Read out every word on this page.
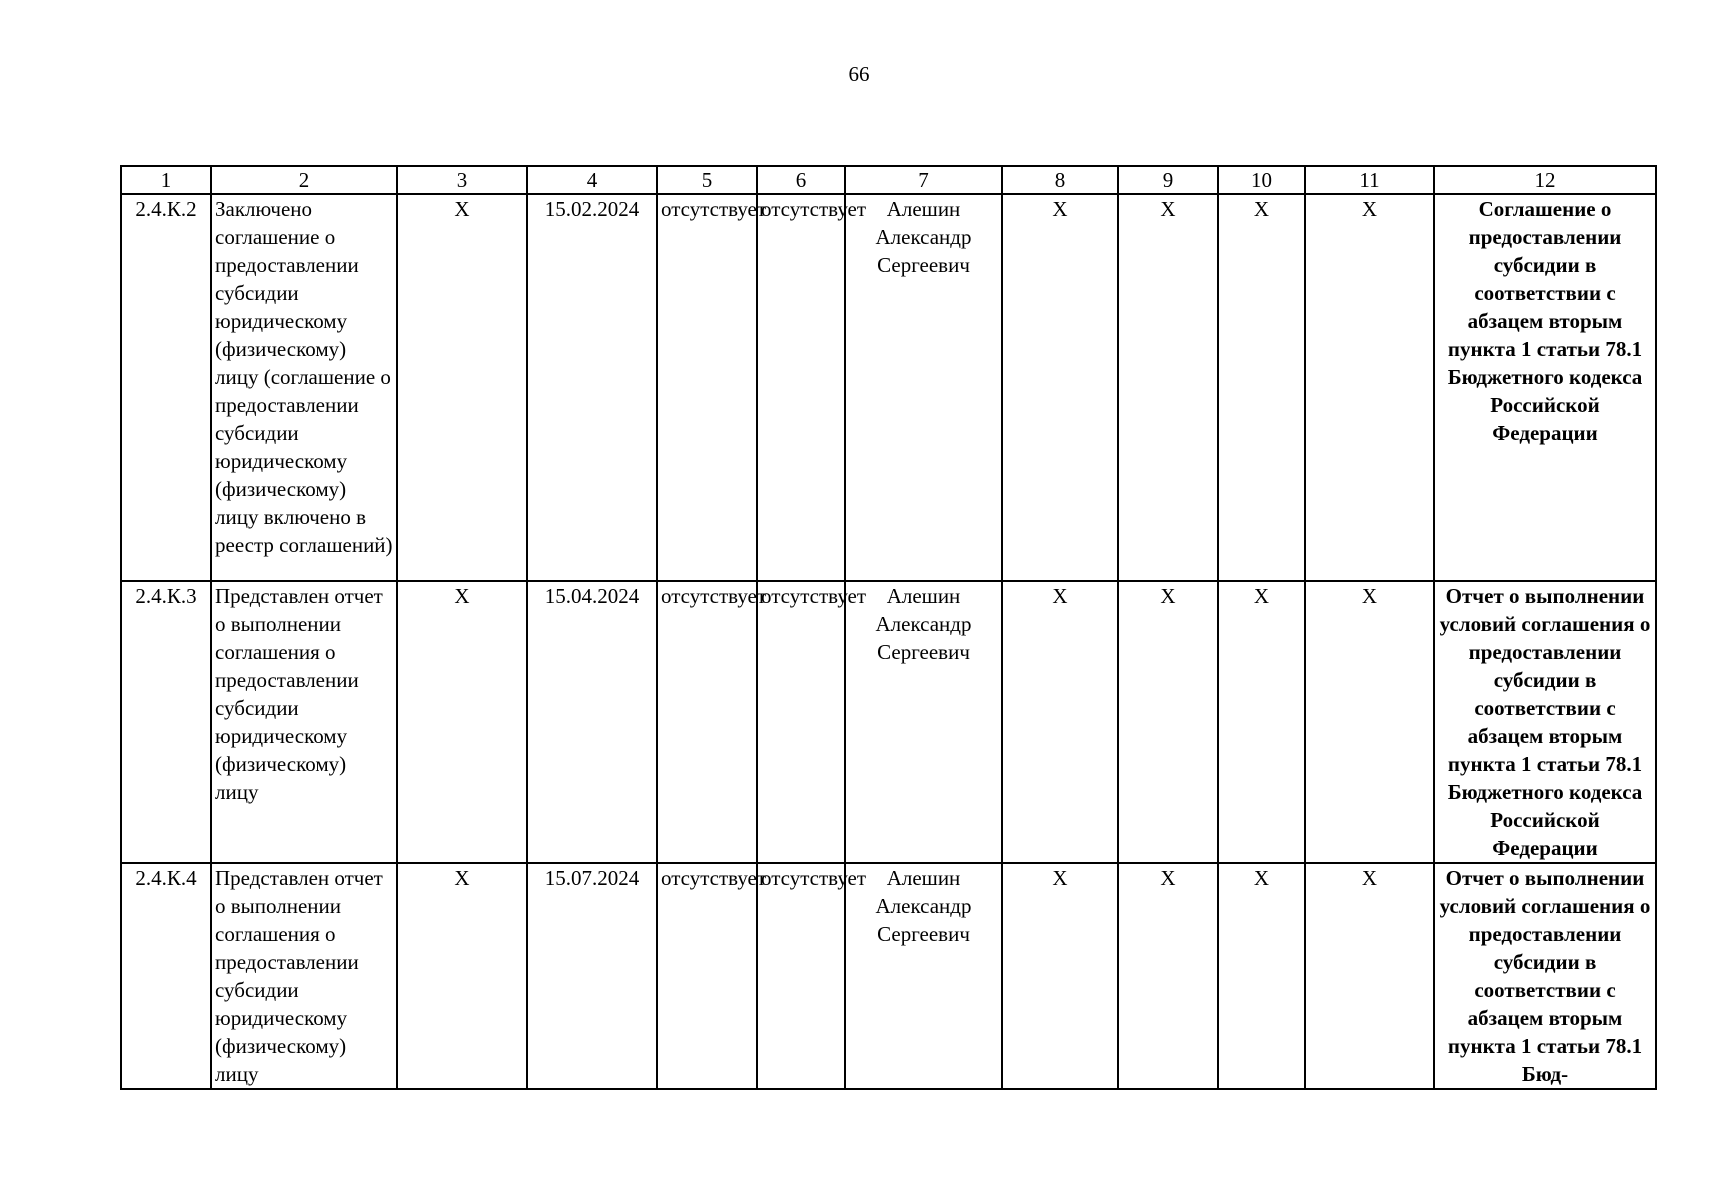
66
1	2	3	4	5	6	7	8	9	10	11	12
2.4.К.2	Заключено соглашение о предоставлении субсидии юридическому (физическому) лицу (соглашение о предоставлении субсидии юридическому (физическому) лицу включено в реестр соглашений)	X	15.02.2024	отсутствует	отсутствует	Алешин Александр Сергеевич	X	X	X	X	Соглашение о предоставлении субсидии в соответствии с абзацем вторым пункта 1 статьи 78.1 Бюджетного кодекса Российской Федерации
2.4.К.3	Представлен отчет о выполнении соглашения о предоставлении субсидии юридическому (физическому) лицу	X	15.04.2024	отсутствует	отсутствует	Алешин Александр Сергеевич	X	X	X	X	Отчет о выполнении условий соглашения о предоставлении субсидии в соответствии с абзацем вторым пункта 1 статьи 78.1 Бюджетного кодекса Российской Федерации
2.4.К.4	Представлен отчет о выполнении соглашения о предоставлении субсидии юридическому (физическому) лицу	X	15.07.2024	отсутствует	отсутствует	Алешин Александр Сергеевич	X	X	X	X	Отчет о выполнении условий соглашения о предоставлении субсидии в соответствии с абзацем вторым пункта 1 статьи 78.1 Бюд-
